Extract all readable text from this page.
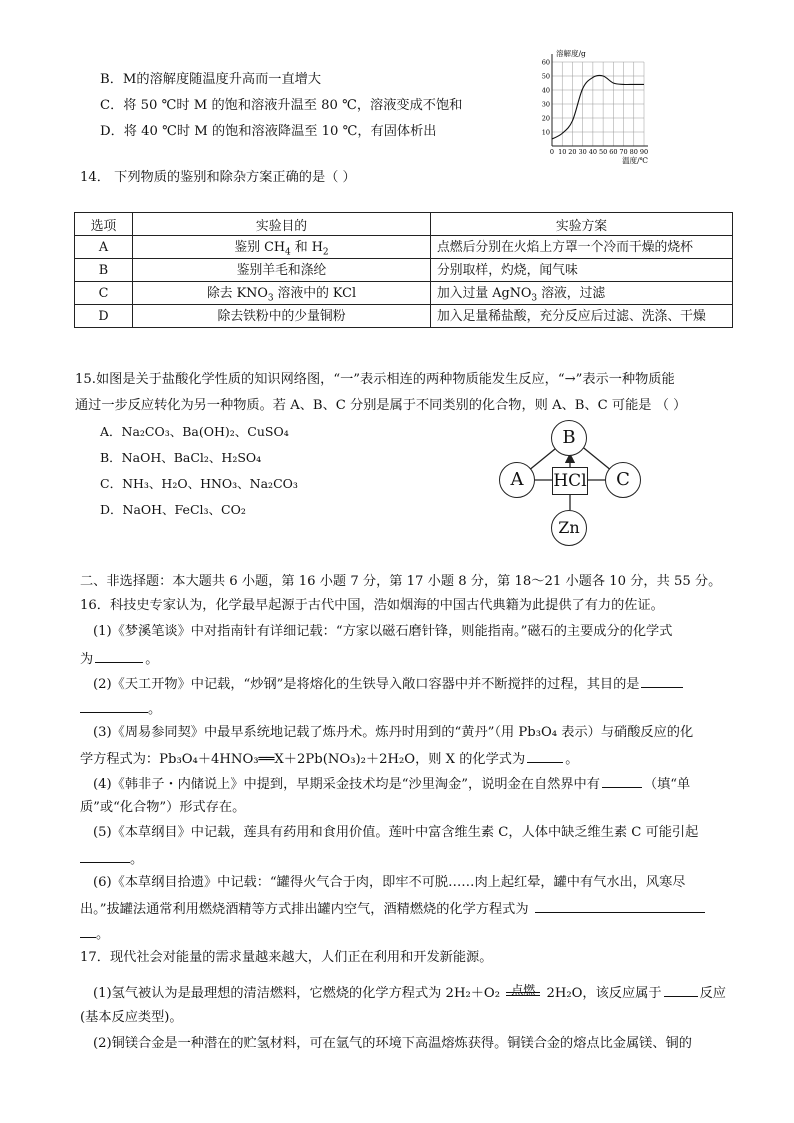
B．M的溶解度随温度升高而一直增大
C．将 50 ℃时 M 的饱和溶液升温至 80 ℃，溶液变成不饱和
D．将 40 ℃时 M 的饱和溶液降温至 10 ℃，有固体析出	10
20
30
40
50
60
0 10 20 30 40 50 60 70 80 90
溶解度/g
温度/℃
14． 下列物质的鉴别和除杂方案正确的是（ ）
选项	实验目的	实验方案
A	鉴别 $CH_4$ 和 $H_2$	点燃后分别在火焰上方罩一个冷而干燥的烧杯
B	鉴别羊毛和涤纶	分别取样，灼烧，闻气味
C	除去 $KNO_3$ 溶液中的 KCl	加入过量 AgNO$_3$ 溶液，过滤
D	除去铁粉中的少量铜粉	加入足量稀盐酸，充分反应后过滤、洗涤、干燥
15.如图是关于盐酸化学性质的知识网络图，“一”表示相连的两种物质能发生反应，“→”表示一种物质能
通过一步反应转化为另一种物质。若 A、B、C 分别是属于不同类别的化合物，则 A、B、C 可能是 （ ）
A．Na₂CO₃、Ba(OH)₂、CuSO₄
B．NaOH、BaCl₂、H₂SO₄
C．NH₃、H₂O、HNO₃、Na₂CO₃
D．NaOH、FeCl₃、CO₂
B
A	C
HCl
Zn
二、非选择题：本大题共 6 小题，第 16 小题 7 分，第 17 小题 8 分，第 18～21 小题各 10 分，共 55 分。
16．科技史专家认为，化学最早起源于古代中国，浩如烟海的中国古代典籍为此提供了有力的佐证。
(1)《梦溪笔谈》中对指南针有详细记载：“方家以磁石磨针锋，则能指南。”磁石的主要成分的化学式
为	。
(2)《天工开物》中记载，“炒钢”是将熔化的生铁导入敞口容器中并不断搅拌的过程，其目的是
。
(3)《周易参同契》中最早系统地记载了炼丹术。炼丹时用到的“黄丹”（用 Pb₃O₄ 表示）与硝酸反应的化
学方程式为：Pb₃O₄＋4HNO₃══X＋2Pb(NO₃)₂＋2H₂O，则 X 的化学式为	。
(4)《韩非子・内储说上》中提到，早期采金技术均是“沙里淘金”，说明金在自然界中有	（填“单
质”或“化合物”）形式存在。
(5)《本草纲目》中记载，莲具有药用和食用价值。莲叶中富含维生素 C，人体中缺乏维生素 C 可能引起
。
(6)《本草纲目拾遗》中记载：“罐得火气合于肉，即牢不可脱……肉上起红晕，罐中有气水出，风寒尽
出。”拔罐法通常利用燃烧酒精等方式排出罐内空气，酒精燃烧的化学方程式为
。
17．现代社会对能量的需求量越来越大，人们正在利用和开发新能源。
(1)氢气被认为是最理想的清洁燃料，它燃烧的化学方程式为 2H₂＋O₂ 点燃 2H₂O，该反应属于	反应
(基本反应类型)。
(2)铜镁合金是一种潜在的贮氢材料，可在氩气的环境下高温熔炼获得。铜镁合金的熔点比金属镁、铜的
